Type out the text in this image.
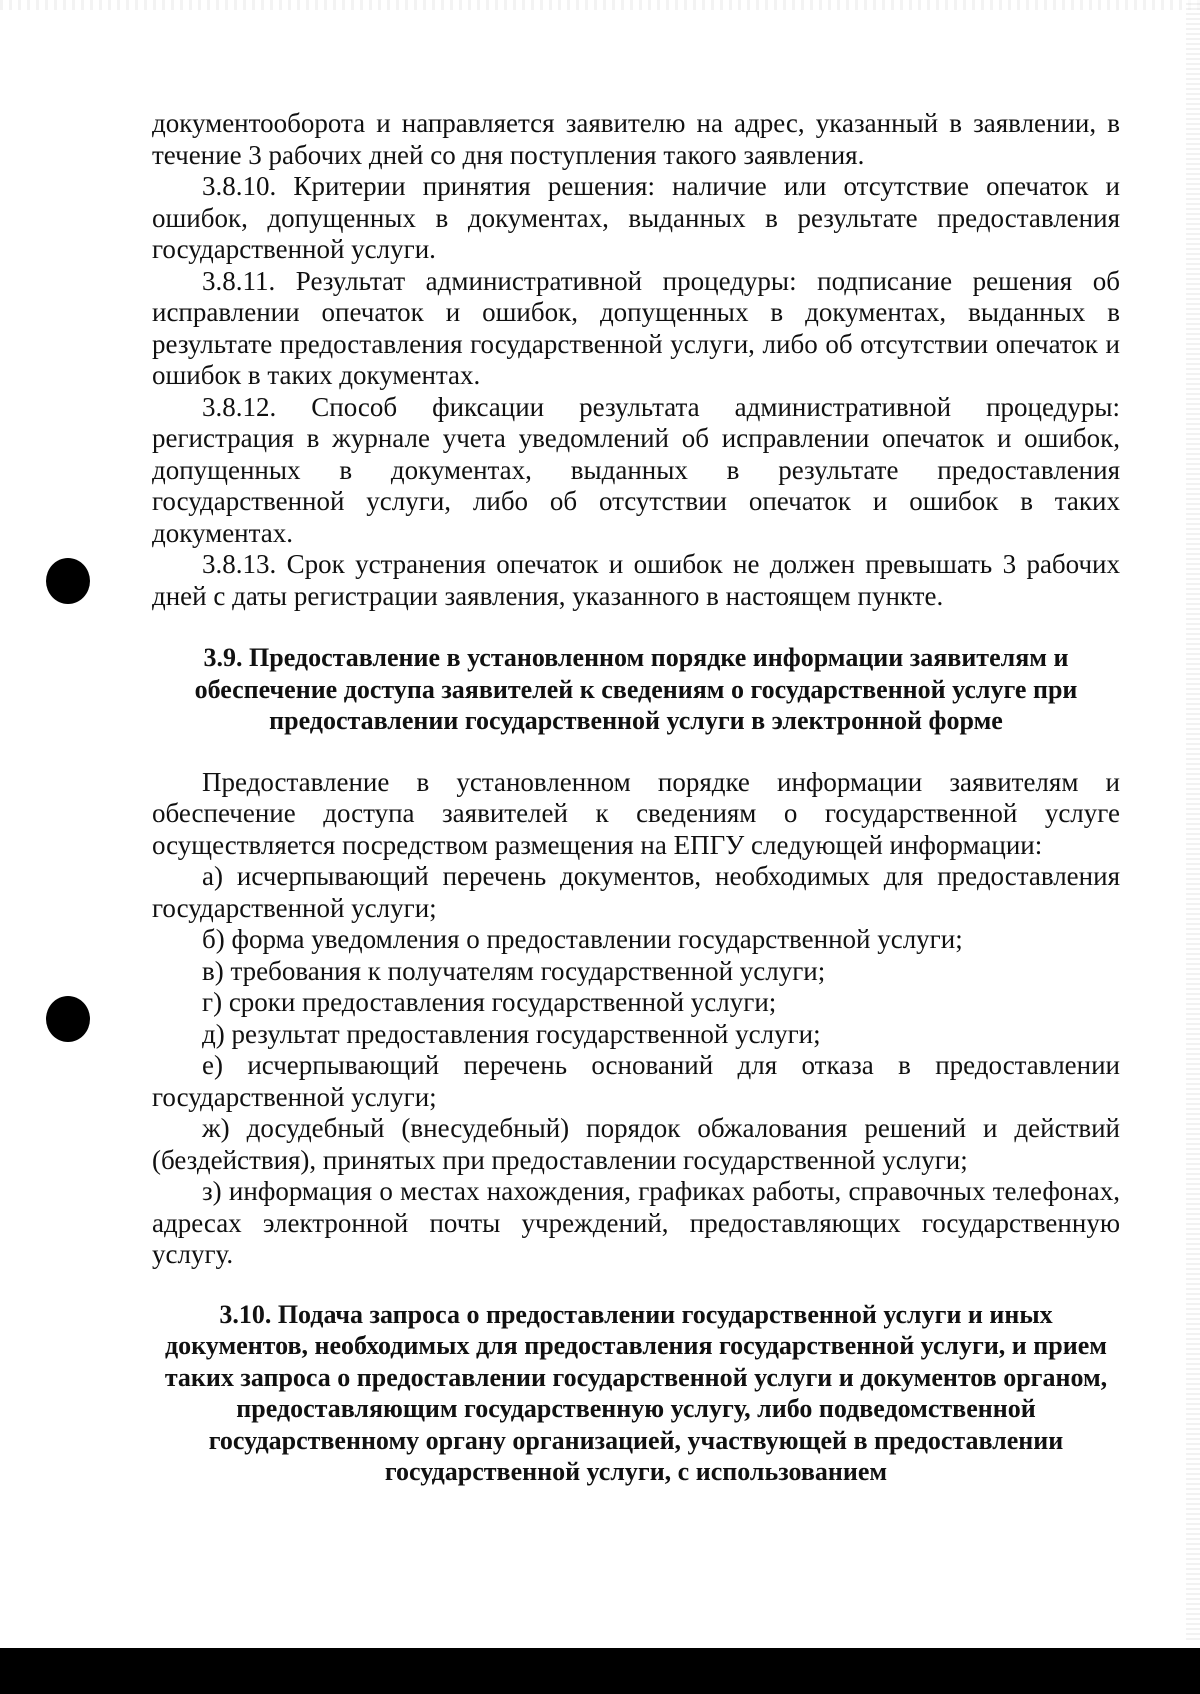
документооборота и направляется заявителю на адрес, указанный в заявлении, в течение 3 рабочих дней со дня поступления такого заявления.

3.8.10. Критерии принятия решения: наличие или отсутствие опечаток и ошибок, допущенных в документах, выданных в результате предоставления государственной услуги.

3.8.11. Результат административной процедуры: подписание решения об исправлении опечаток и ошибок, допущенных в документах, выданных в результате предоставления государственной услуги, либо об отсутствии опечаток и ошибок в таких документах.

3.8.12. Способ фиксации результата административной процедуры: регистрация в журнале учета уведомлений об исправлении опечаток и ошибок, допущенных в документах, выданных в результате предоставления государственной услуги, либо об отсутствии опечаток и ошибок в таких документах.

3.8.13. Срок устранения опечаток и ошибок не должен превышать 3 рабочих дней с даты регистрации заявления, указанного в настоящем пункте.

3.9. Предоставление в установленном порядке информации заявителям и обеспечение доступа заявителей к сведениям о государственной услуге при предоставлении государственной услуги в электронной форме

Предоставление в установленном порядке информации заявителям и обеспечение доступа заявителей к сведениям о государственной услуге осуществляется посредством размещения на ЕПГУ следующей информации:

а) исчерпывающий перечень документов, необходимых для предоставления государственной услуги;

б) форма уведомления о предоставлении государственной услуги;

в) требования к получателям государственной услуги;

г) сроки предоставления государственной услуги;

д) результат предоставления государственной услуги;

е) исчерпывающий перечень оснований для отказа в предоставлении государственной услуги;

ж) досудебный (внесудебный) порядок обжалования решений и действий (бездействия), принятых при предоставлении государственной услуги;

з) информация о местах нахождения, графиках работы, справочных телефонах, адресах электронной почты учреждений, предоставляющих государственную услугу.

3.10. Подача запроса о предоставлении государственной услуги и иных документов, необходимых для предоставления государственной услуги, и прием таких запроса о предоставлении государственной услуги и документов органом, предоставляющим государственную услугу, либо подведомственной государственному органу организацией, участвующей в предоставлении государственной услуги, с использованием
